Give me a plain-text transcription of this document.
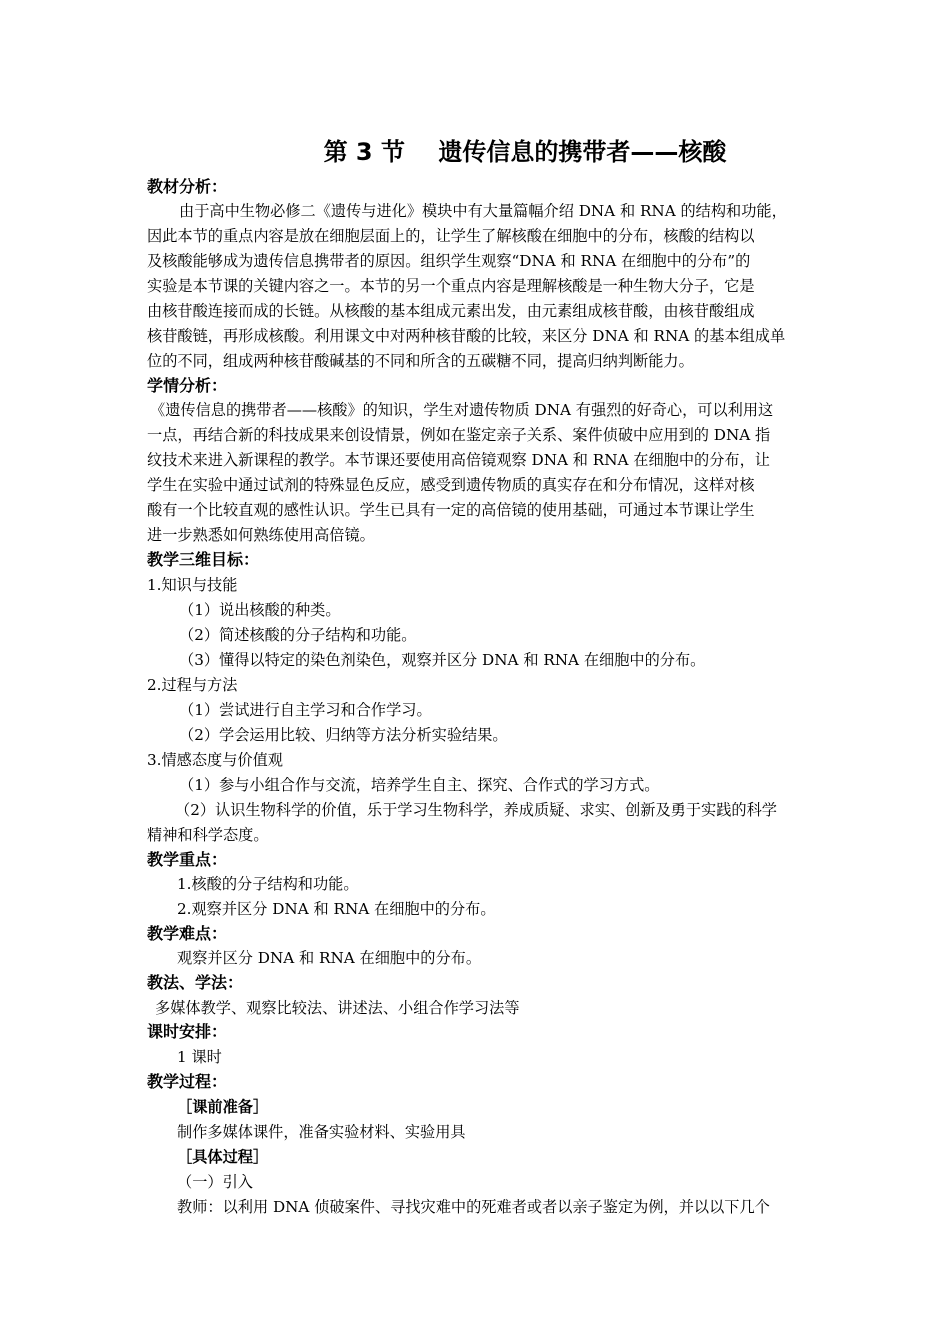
第 3 节    遗传信息的携带者——核酸
教材分析：
由于高中生物必修二《遗传与进化》模块中有大量篇幅介绍 DNA 和 RNA 的结构和功能，
因此本节的重点内容是放在细胞层面上的，让学生了解核酸在细胞中的分布，核酸的结构以
及核酸能够成为遗传信息携带者的原因。组织学生观察“DNA 和 RNA 在细胞中的分布”的
实验是本节课的关键内容之一。本节的另一个重点内容是理解核酸是一种生物大分子，它是
由核苷酸连接而成的长链。从核酸的基本组成元素出发，由元素组成核苷酸，由核苷酸组成
核苷酸链，再形成核酸。利用课文中对两种核苷酸的比较，来区分 DNA 和 RNA 的基本组成单
位的不同，组成两种核苷酸碱基的不同和所含的五碳糖不同，提高归纳判断能力。
学情分析：
《遗传信息的携带者——核酸》的知识，学生对遗传物质 DNA 有强烈的好奇心，可以利用这
一点，再结合新的科技成果来创设情景，例如在鉴定亲子关系、案件侦破中应用到的 DNA 指
纹技术来进入新课程的教学。本节课还要使用高倍镜观察 DNA 和 RNA 在细胞中的分布，让
学生在实验中通过试剂的特殊显色反应，感受到遗传物质的真实存在和分布情况，这样对核
酸有一个比较直观的感性认识。学生已具有一定的高倍镜的使用基础，可通过本节课让学生
进一步熟悉如何熟练使用高倍镜。
教学三维目标：
1.知识与技能
（1）说出核酸的种类。
（2）简述核酸的分子结构和功能。
（3）懂得以特定的染色剂染色，观察并区分 DNA 和 RNA 在细胞中的分布。
2.过程与方法
（1）尝试进行自主学习和合作学习。
（2）学会运用比较、归纳等方法分析实验结果。
3.情感态度与价值观
（1）参与小组合作与交流，培养学生自主、探究、合作式的学习方式。
（2）认识生物科学的价值，乐于学习生物科学，养成质疑、求实、创新及勇于实践的科学
精神和科学态度。
教学重点：
1.核酸的分子结构和功能。
2.观察并区分 DNA 和 RNA 在细胞中的分布。
教学难点：
观察并区分 DNA 和 RNA 在细胞中的分布。
教法、学法：
多媒体教学、观察比较法、讲述法、小组合作学习法等
课时安排：
1 课时
教学过程：
［课前准备］
制作多媒体课件，准备实验材料、实验用具
［具体过程］
（一）引入
教师：以利用 DNA 侦破案件、寻找灾难中的死难者或者以亲子鉴定为例，并以以下几个
